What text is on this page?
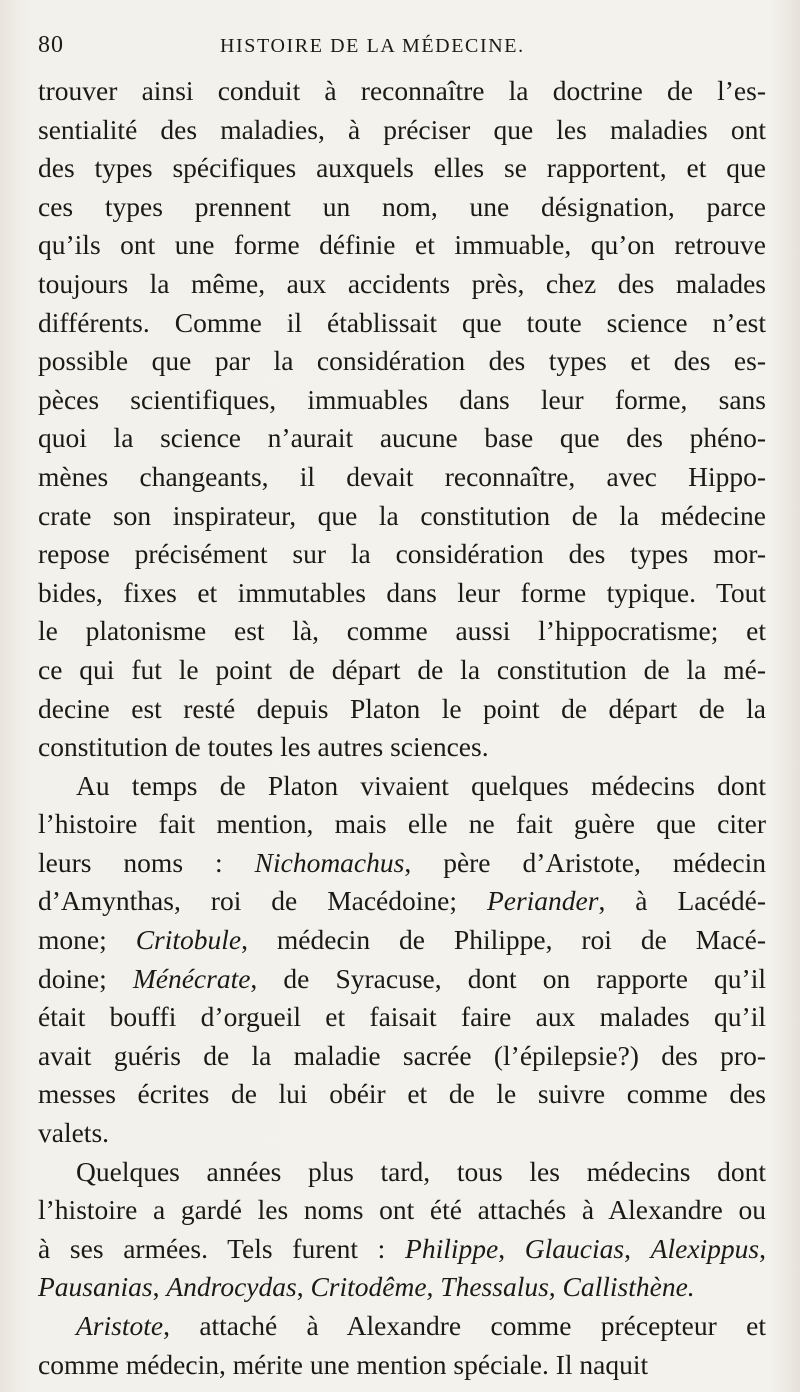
80	HISTOIRE DE LA MÉDECINE.
trouver ainsi conduit à reconnaître la doctrine de l’es-
sentialité des maladies, à préciser que les maladies ont
des types spécifiques auxquels elles se rapportent, et que
ces types prennent un nom, une désignation, parce
qu’ils ont une forme définie et immuable, qu’on retrouve
toujours la même, aux accidents près, chez des malades
différents. Comme il établissait que toute science n’est
possible que par la considération des types et des es-
pèces scientifiques, immuables dans leur forme, sans
quoi la science n’aurait aucune base que des phéno-
mènes changeants, il devait reconnaître, avec Hippo-
crate son inspirateur, que la constitution de la médecine
repose précisément sur la considération des types mor-
bides, fixes et immutables dans leur forme typique. Tout
le platonisme est là, comme aussi l’hippocratisme; et
ce qui fut le point de départ de la constitution de la mé-
decine est resté depuis Platon le point de départ de la
constitution de toutes les autres sciences.
Au temps de Platon vivaient quelques médecins dont
l’histoire fait mention, mais elle ne fait guère que citer
leurs noms : Nichomachus, père d’Aristote, médecin
d’Amynthas, roi de Macédoine; Periander, à Lacédé-
mone; Critobule, médecin de Philippe, roi de Macé-
doine; Ménécrate, de Syracuse, dont on rapporte qu’il
était bouffi d’orgueil et faisait faire aux malades qu’il
avait guéris de la maladie sacrée (l’épilepsie?) des pro-
messes écrites de lui obéir et de le suivre comme des
valets.
Quelques années plus tard, tous les médecins dont
l’histoire a gardé les noms ont été attachés à Alexandre ou
à ses armées. Tels furent : Philippe, Glaucias, Alexippus,
Pausanias, Androcydas, Critodême, Thessalus, Callisthène.
Aristote, attaché à Alexandre comme précepteur et
comme médecin, mérite une mention spéciale. Il naquit
